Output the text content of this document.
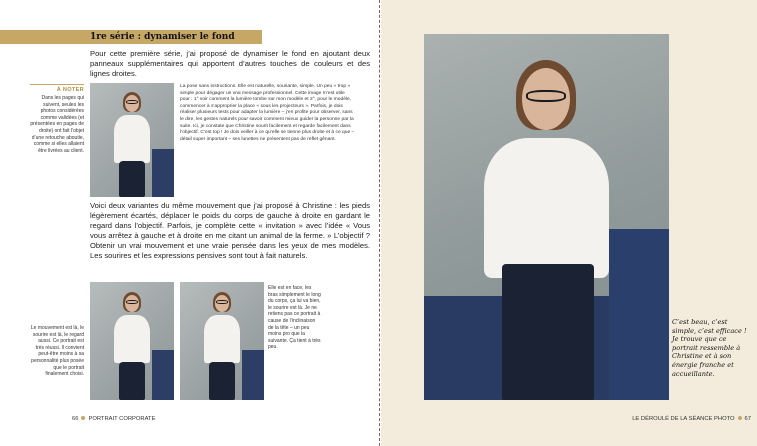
1re série : dynamiser le fond

Pour cette première série, j’ai proposé de dynamiser le fond en ajoutant deux panneaux supplémentaires qui apportent d’autres touches de couleurs et des lignes droites.

À NOTER

Dans les pages qui suivent, seules les photos considérées comme validées (et présentées en pages de droite) ont fait l’objet d’une retouche aboutie, comme si elles allaient être livrées au client.

La pose sans instructions. Elle est naturelle, souriante, simple. Un peu « trop » simple pour dégager un vrai message professionnel. Cette image m’est utile pour : 1° voir comment la lumière tombe sur mon modèle et 2°, pour le modèle, commencer à s’approprier la place « sous les projecteurs ». Parfois, je dois réaliser plusieurs tests pour adapter la lumière – j’en profite pour observer, sans le dire, les gestes naturels pour savoir comment mieux guider la personne par la suite. Ici, je constate que Christine sourit facilement et regarde facilement dans l’objectif. C’est top ! Je dois veiller à ce qu’elle se tienne plus droite et à ce que – détail super important – ses lunettes ne présentent pas de reflet gênant.

Voici deux variantes du même mouvement que j’ai proposé à Christine : les pieds légèrement écartés, déplacer le poids du corps de gauche à droite en gardant le regard dans l’objectif. Parfois, je complète cette « invitation » avec l’idée « Vous vous arrêtez à gauche et à droite en me citant un animal de la ferme. » L’objectif ? Obtenir un vrai mouvement et une vraie pensée dans les yeux de mes modèles. Les sourires et les expressions pensives sont tout à fait naturels.

Le mouvement est là, le sourire est là, le regard aussi. Ce portrait est très réussi. Il convient peut-être moins à sa personnalité plus posée que le portrait finalement choisi.

Elle est en face, les bras simplement le long du corps, ça lui va bien, le sourire est là. Je ne retiens pas ce portrait à cause de l’inclinaison de la tête – un peu moins pro que la suivante. Ça tient à très peu.

66 PORTRAIT CORPORATE

C’est beau, c’est simple, c’est efficace ! Je trouve que ce portrait ressemble à Christine et à son énergie franche et accueillante.

LE DÉROULÉ DE LA SÉANCE PHOTO 67
